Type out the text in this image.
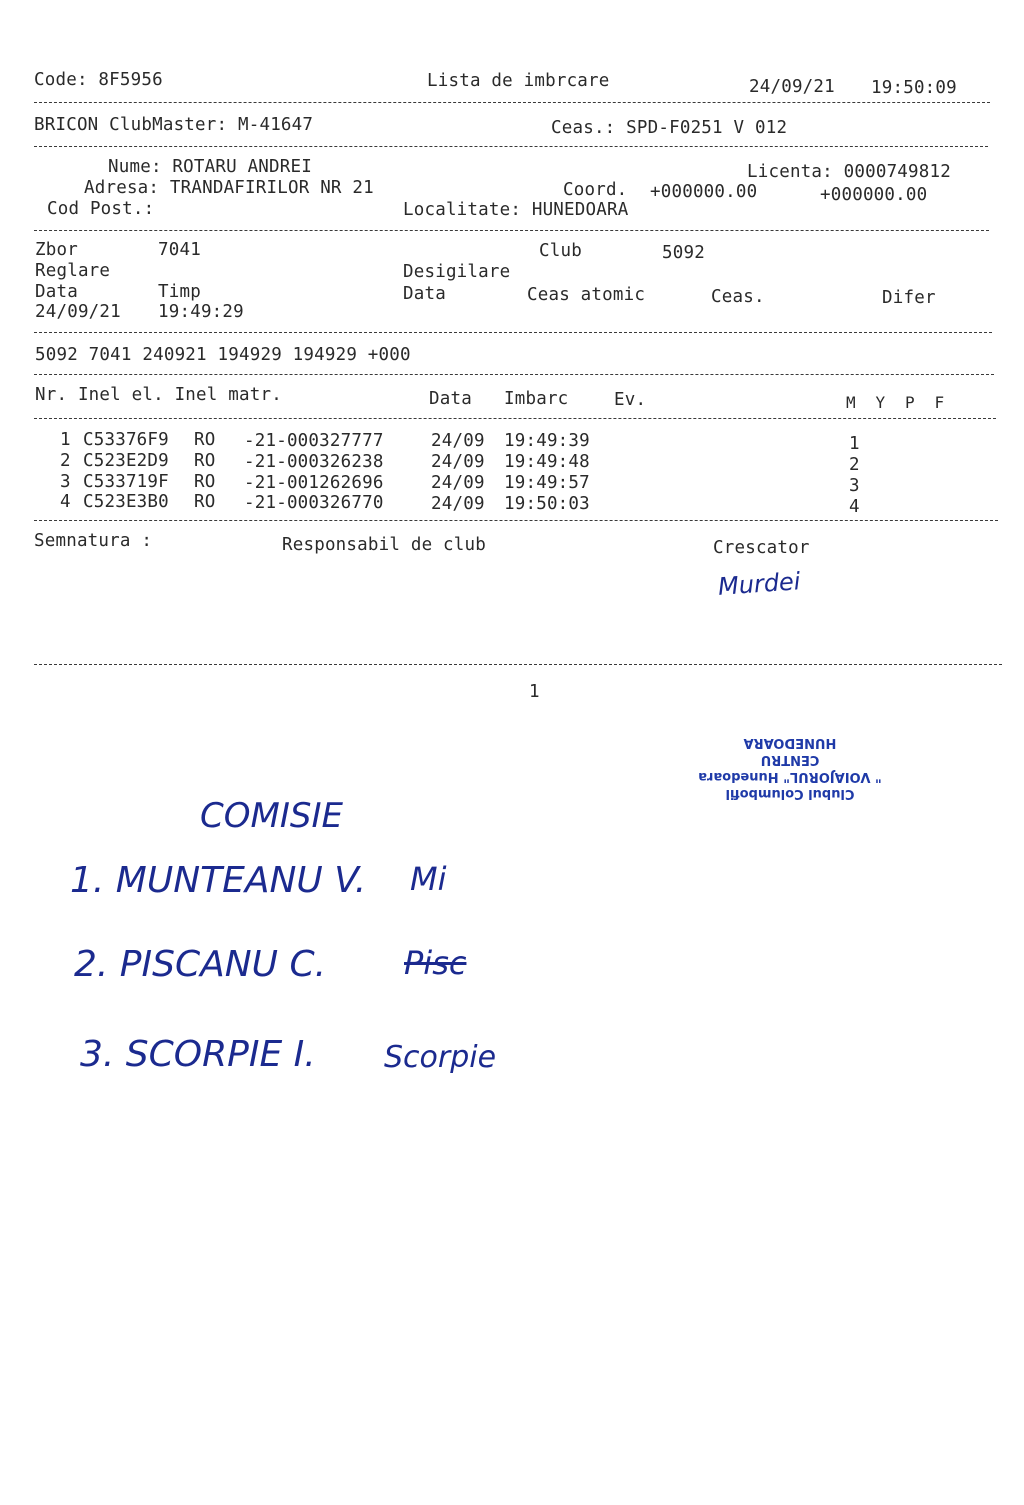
Code: 8F5956	Lista de imbrcare	24/09/21 19:50:09
BRICON ClubMaster: M-41647	Ceas.: SPD-F0251 V 012
Nume: ROTARU ANDREI	Licenta: 0000749812
Adresa: TRANDAFIRILOR NR 21	Coord. +000000.00	+000000.00
Cod Post.:	Localitate: HUNEDOARA
Zbor	7041	Club	5092
Reglare	Desigilare
Data	Timp	Data	Ceas atomic	Ceas.	Difer
24/09/21 19:49:29
5092 7041 240921 194929 194929 +000
Nr. Inel el. Inel matr.	Data Imbarc	Ev.	M  Y  P  F
1 C53376F9 RO -21-000327777	24/09 19:49:39	1
2 C523E2D9 RO -21-000326238	24/09 19:49:48	2
3 C533719F RO -21-001262696	24/09 19:49:57	3
4 C523E3B0 RO -21-000326770	24/09 19:50:03	4
Semnatura :	Responsabil de club	Crescator
Murdei
1
Clubul Columbofil
" VOIAJORUL" Hunedoara
CENTRU
HUNEDOARA
COMISIE
1. MUNTEANU V. Mi
2. PISCANU C. Pisc
3. SCORPIE I. Scorpie
